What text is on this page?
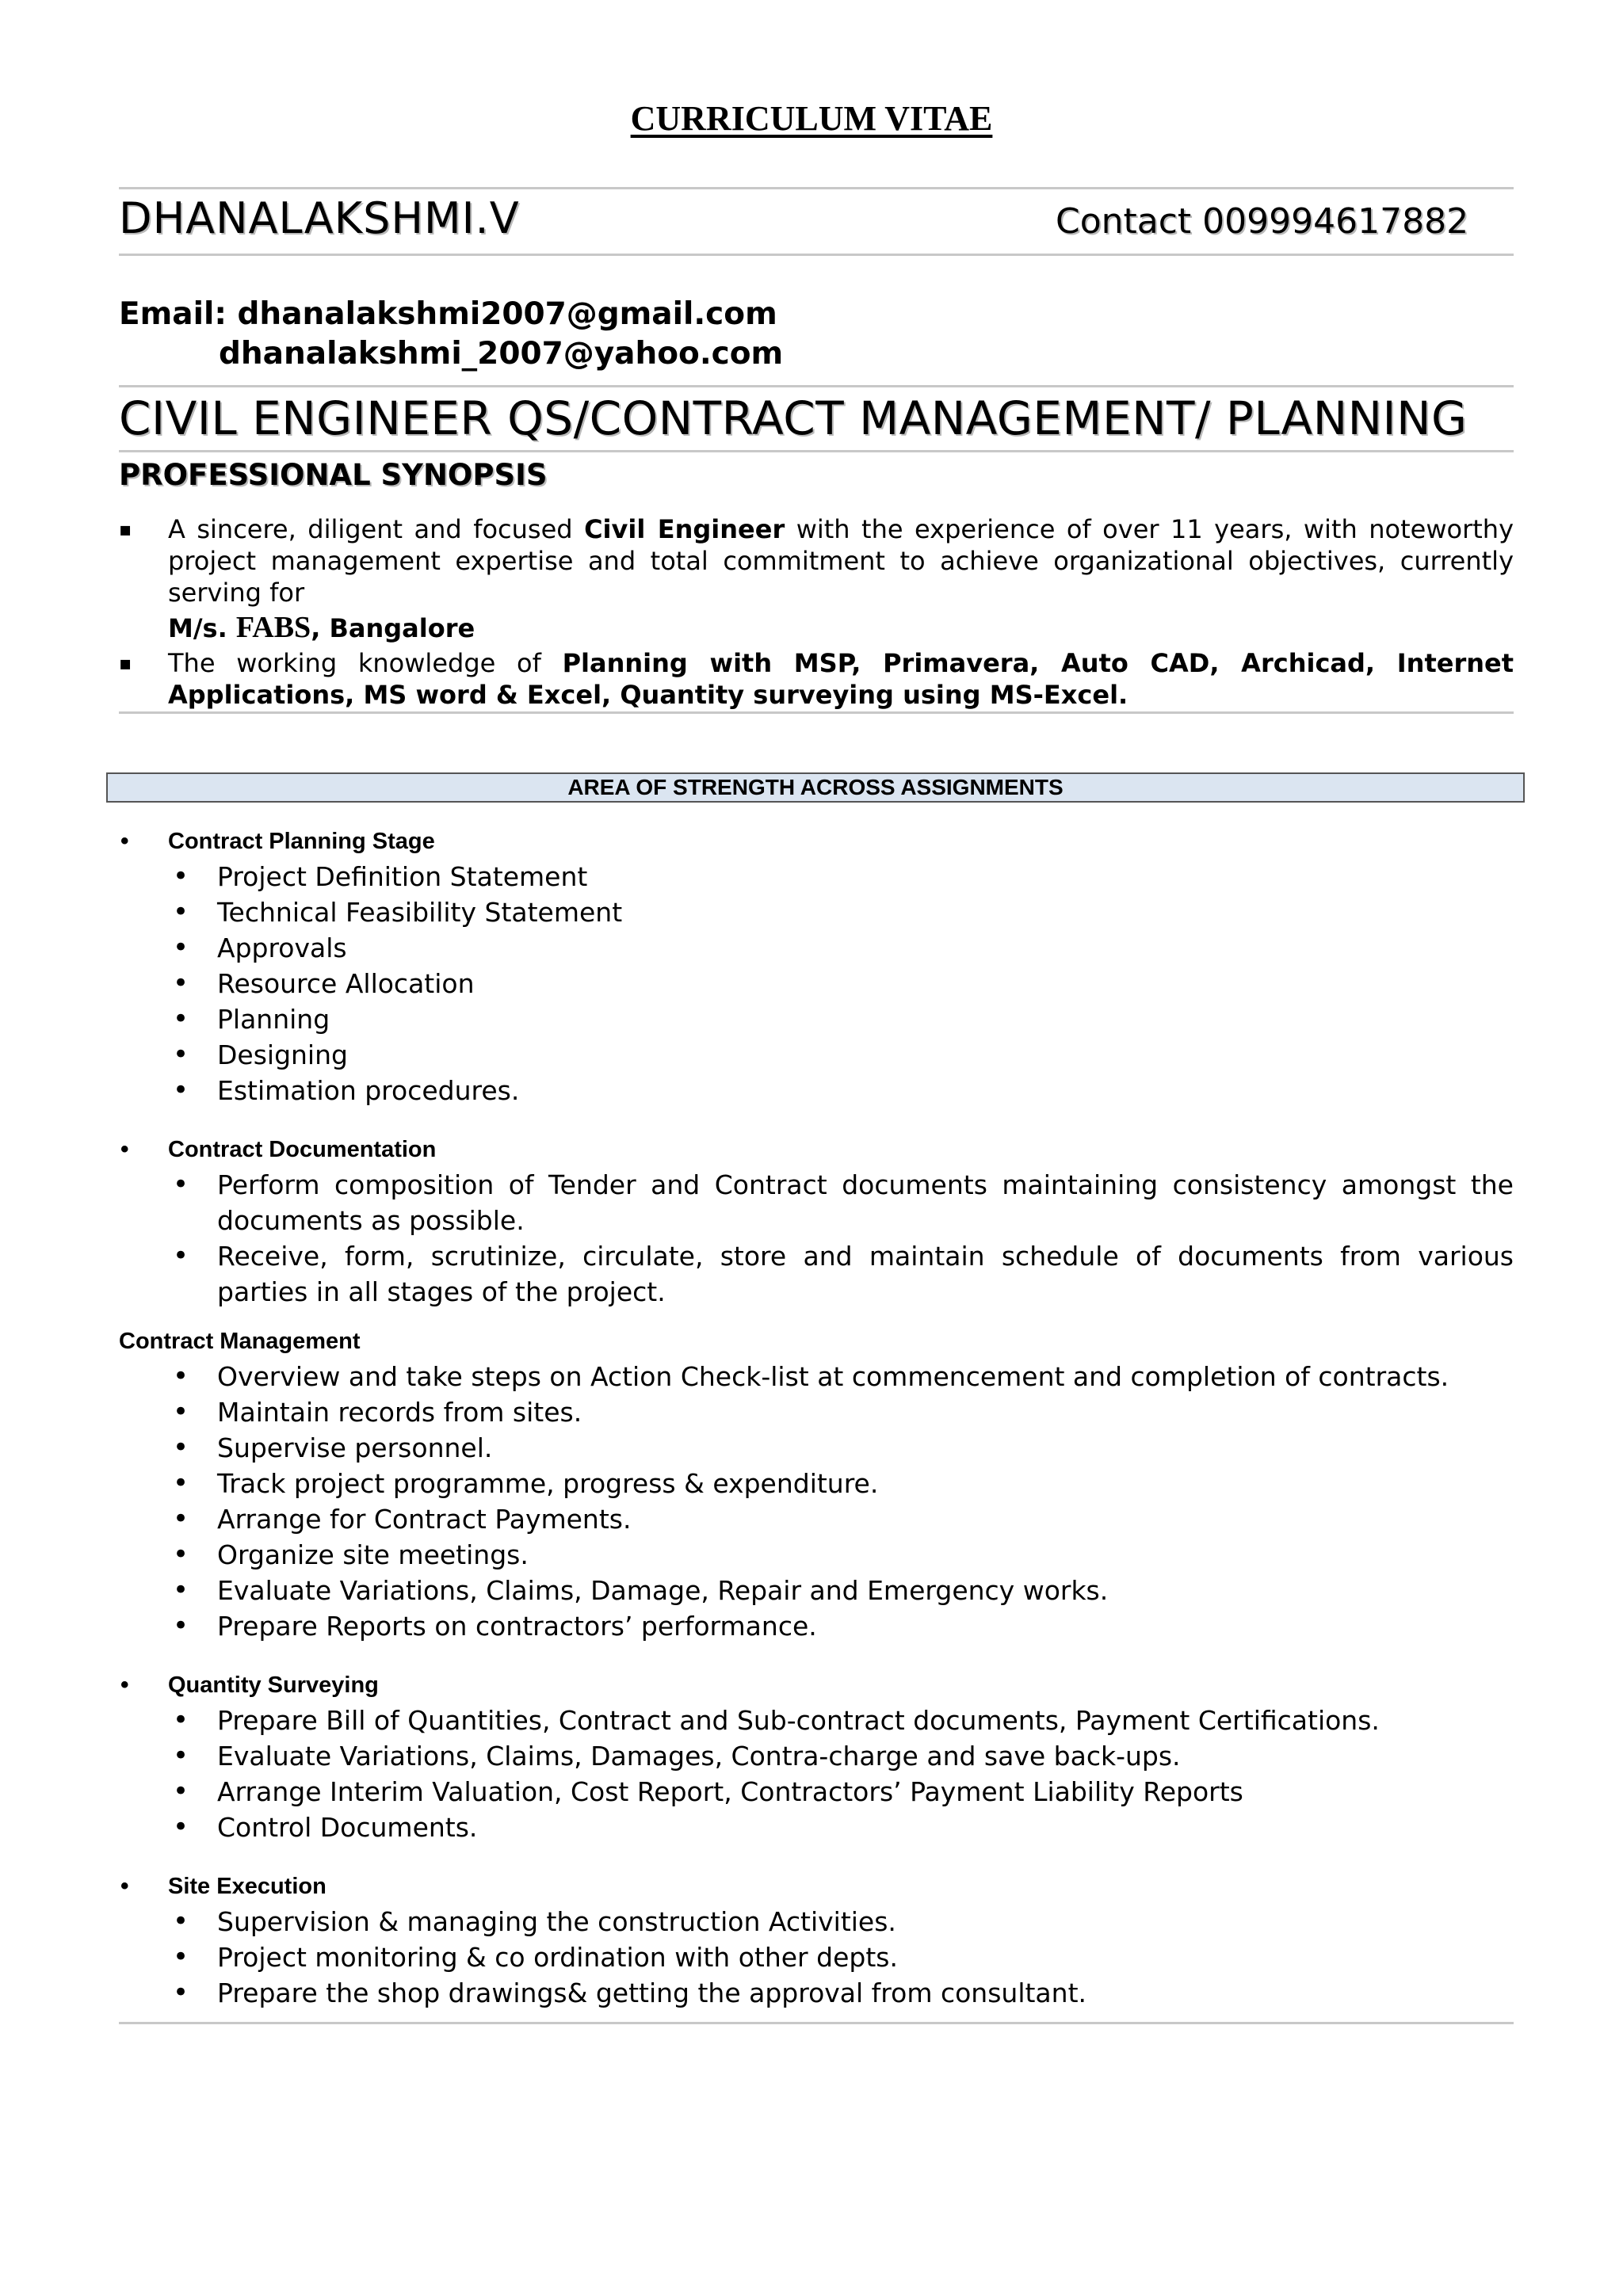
CURRICULUM VITAE
DHANALAKSHMI.V	Contact 009994617882
Email: dhanalakshmi2007@gmail.com
dhanalakshmi_2007@yahoo.com
CIVIL ENGINEER QS/CONTRACT MANAGEMENT/ PLANNING
PROFESSIONAL SYNOPSIS
▪ A sincere, diligent and focused Civil Engineer with the experience of over 11 years, with noteworthy project management expertise and total commitment to achieve organizational objectives, currently serving for
M/s. FABS, Bangalore
▪ The working knowledge of Planning with MSP, Primavera, Auto CAD, Archicad, Internet Applications, MS word & Excel, Quantity surveying using MS-Excel.
AREA OF STRENGTH ACROSS ASSIGNMENTS
• Contract Planning Stage
• Project Definition Statement
• Technical Feasibility Statement
• Approvals
• Resource Allocation
• Planning
• Designing
• Estimation procedures.
• Contract Documentation
• Perform composition of Tender and Contract documents maintaining consistency amongst the documents as possible.
• Receive, form, scrutinize, circulate, store and maintain schedule of documents from various parties in all stages of the project.
Contract Management
• Overview and take steps on Action Check-list at commencement and completion of contracts.
• Maintain records from sites.
• Supervise personnel.
• Track project programme, progress & expenditure.
• Arrange for Contract Payments.
• Organize site meetings.
• Evaluate Variations, Claims, Damage, Repair and Emergency works.
• Prepare Reports on contractors’ performance.
• Quantity Surveying
• Prepare Bill of Quantities, Contract and Sub-contract documents, Payment Certifications.
• Evaluate Variations, Claims, Damages, Contra-charge and save back-ups.
• Arrange Interim Valuation, Cost Report, Contractors’ Payment Liability Reports
• Control Documents.
• Site Execution
• Supervision & managing the construction Activities.
• Project monitoring & co ordination with other depts.
• Prepare the shop drawings& getting the approval from consultant.
